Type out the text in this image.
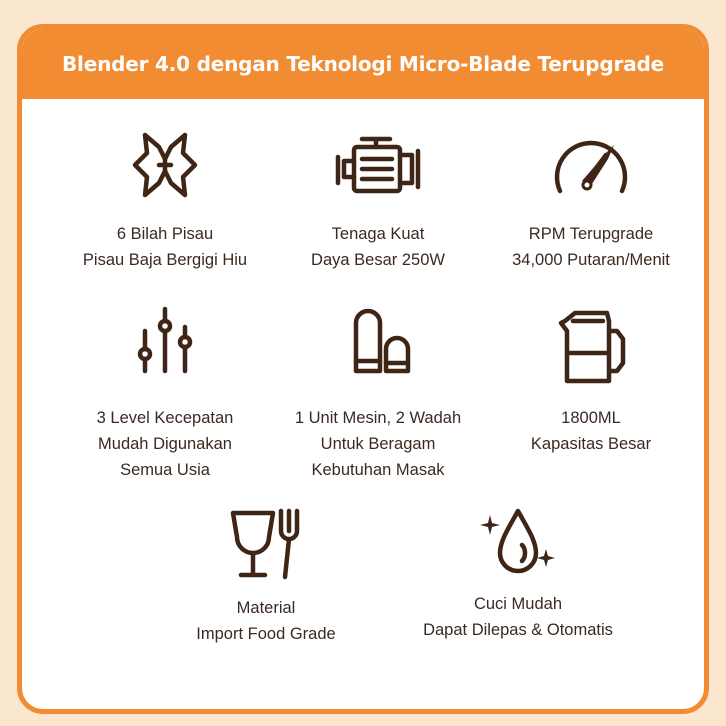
Blender 4.0 dengan Teknologi Micro-Blade Terupgrade
6 Bilah Pisau
Pisau Baja Bergigi Hiu
Tenaga Kuat
Daya Besar 250W
RPM Terupgrade
34,000 Putaran/Menit
3 Level Kecepatan
Mudah Digunakan
Semua Usia
1 Unit Mesin, 2 Wadah
Untuk Beragam
Kebutuhan Masak
1800ML
Kapasitas Besar
Material
Import Food Grade
Cuci Mudah
Dapat Dilepas & Otomatis
